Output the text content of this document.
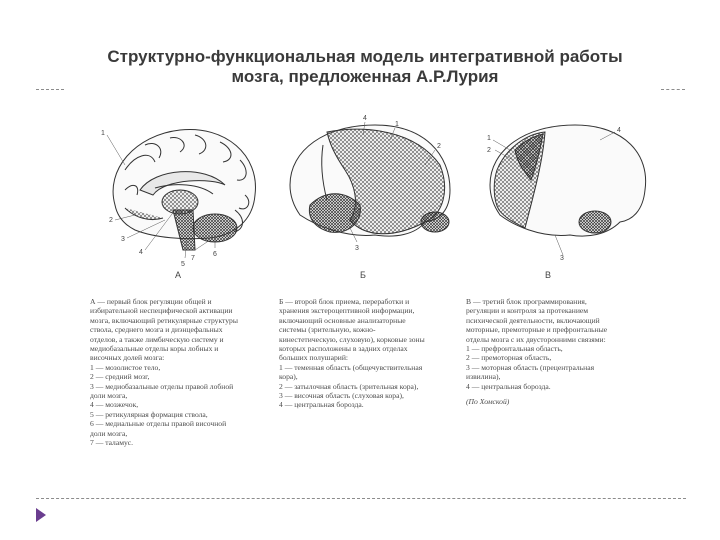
Структурно-функциональная модель интегративной работы
мозга, предложенная А.Р.Лурия
1
2
3
4
5
6
7
А
4
1
2
3
Б
4
2
1
3
В

А — первый блок регуляции общей и

избирательной неспецифической активации

мозга, включающий ретикулярные структуры

ствола, среднего мозга и диэнцефальных

отделов, а также лимбическую систему и

медиобазальные отделы коры лобных и

височных долей мозга:

1 — мозолистое тело,

2 — средний мозг,

3 — медиобазальные отделы правой лобной

доли мозга,

4 — мозжечок,

5 — ретикулярная формация ствола,

6 — медиальные отделы правой височной

доли мозга,

7 — таламус.

Б — второй блок приема, переработки и

хранения экстероцептивной информации,

включающий основные анализаторные

системы (зрительную, кожно-

кинестетическую, слуховую), корковые зоны

которых расположены в задних отделах

больших полушарий:

1 — теменная область (общечувствительная

кора),

2 — затылочная область (зрительная кора),

3 — височная область (слуховая кора),

4 — центральная борозда.

В — третий блок программирования,

регуляции и контроля за протеканием

психической деятельности, включающий

моторные, премоторные и префронтальные

отделы мозга с их двусторонними связями:

1 — префронтальная область,

2 — премоторная область,

3 — моторная область (прецентральная

извилина),

4 — центральная борозда.

(По Хомской)
